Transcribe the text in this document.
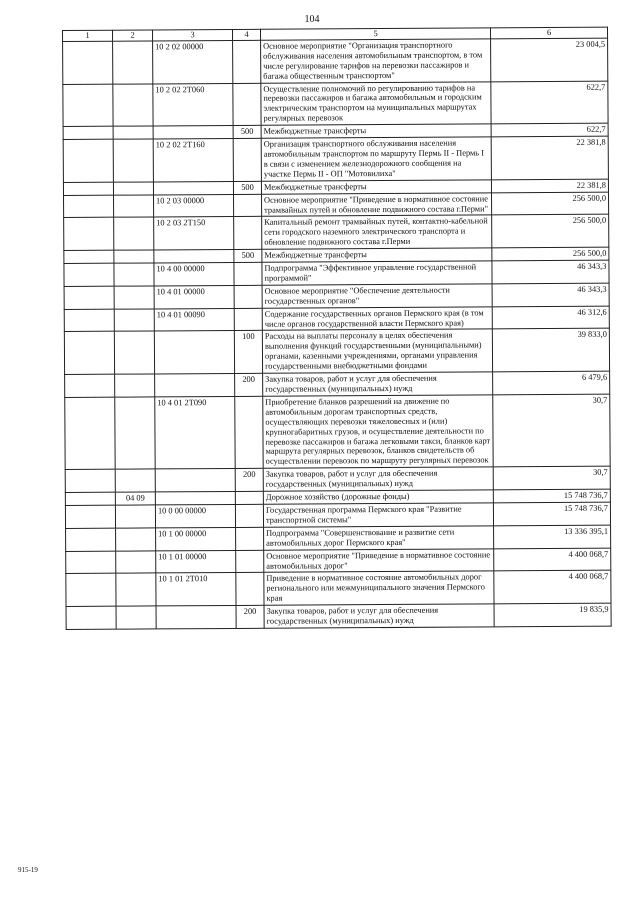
104
1	2	3	4	5	6
		10 2 02 00000		Основное мероприятие "Организация транспортного обслуживания населения автомобильным транспортом, в том числе регулирование тарифов на перевозки пассажиров и багажа общественным транспортом"	23 004,5
		10 2 02 2Т060		Осуществление полномочий по регулированию тарифов на перевозки пассажиров и багажа автомобильным и городским электрическим транспортом на муниципальных маршрутах регулярных перевозок	622,7
			500	Межбюджетные трансферты	622,7
		10 2 02 2Т160		Организация транспортного обслуживания населения автомобильным транспортом по маршруту Пермь II - Пермь I в связи с изменением железнодорожного сообщения на участке Пермь II - ОП "Мотовилиха"	22 381,8
			500	Межбюджетные трансферты	22 381,8
		10 2 03 00000		Основное мероприятие "Приведение в нормативное состояние трамвайных путей и обновление подвижного состава г.Перми"	256 500,0
		10 2 03 2Т150		Капитальный ремонт трамвайных путей, контактно-кабельной сети городского наземного электрического транспорта и обновление подвижного состава г.Перми	256 500,0
			500	Межбюджетные трансферты	256 500,0
		10 4 00 00000		Подпрограмма "Эффективное управление государственной программой"	46 343,3
		10 4 01 00000		Основное мероприятие "Обеспечение деятельности государственных органов"	46 343,3
		10 4 01 00090		Содержание государственных органов Пермского края (в том числе органов государственной власти Пермского края)	46 312,6
			100	Расходы на выплаты персоналу в целях обеспечения выполнения функций государственными (муниципальными) органами, казенными учреждениями, органами управления государственными внебюджетными фондами	39 833,0
			200	Закупка товаров, работ и услуг для обеспечения государственных (муниципальных) нужд	6 479,6
		10 4 01 2Т090		Приобретение бланков разрешений на движение по автомобильным дорогам транспортных средств, осуществляющих перевозки тяжеловесных и (или) крупногабаритных грузов, и осуществление деятельности по перевозке пассажиров и багажа легковыми такси, бланков карт маршрута регулярных перевозок, бланков свидетельств об осуществлении перевозок по маршруту регулярных перевозок	30,7
			200	Закупка товаров, работ и услуг для обеспечения государственных (муниципальных) нужд	30,7
	04 09			Дорожное хозяйство (дорожные фонды)	15 748 736,7
		10 0 00 00000		Государственная программа Пермского края "Развитие транспортной системы"	15 748 736,7
		10 1 00 00000		Подпрограмма "Совершенствование и развитие сети автомобильных дорог Пермского края"	13 336 395,1
		10 1 01 00000		Основное мероприятие "Приведение в нормативное состояние автомобильных дорог"	4 400 068,7
		10 1 01 2Т010		Приведение в нормативное состояние автомобильных дорог регионального или межмуниципального значения Пермского края	4 400 068,7
			200	Закупка товаров, работ и услуг для обеспечения государственных (муниципальных) нужд	19 835,9
915-19
